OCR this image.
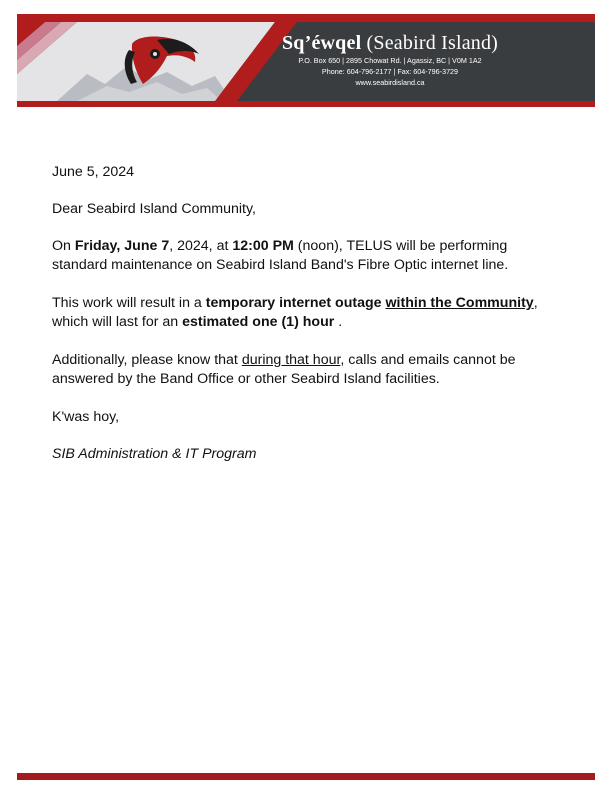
Sq’éwqel (Seabird Island)
P.O. Box 650 | 2895 Chowat Rd. | Agassiz, BC | V0M 1A2
Phone: 604-796-2177 | Fax: 604-796-3729
www.seabirdisland.ca

June 5, 2024

Dear Seabird Island Community,

On Friday, June 7, 2024, at 12:00 PM (noon), TELUS will be performing standard maintenance on Seabird Island Band's Fibre Optic internet line.

This work will result in a temporary internet outage within the Community, which will last for an estimated one (1) hour .

Additionally, please know that during that hour, calls and emails cannot be answered by the Band Office or other Seabird Island facilities.

K'was hoy,

SIB Administration & IT Program
